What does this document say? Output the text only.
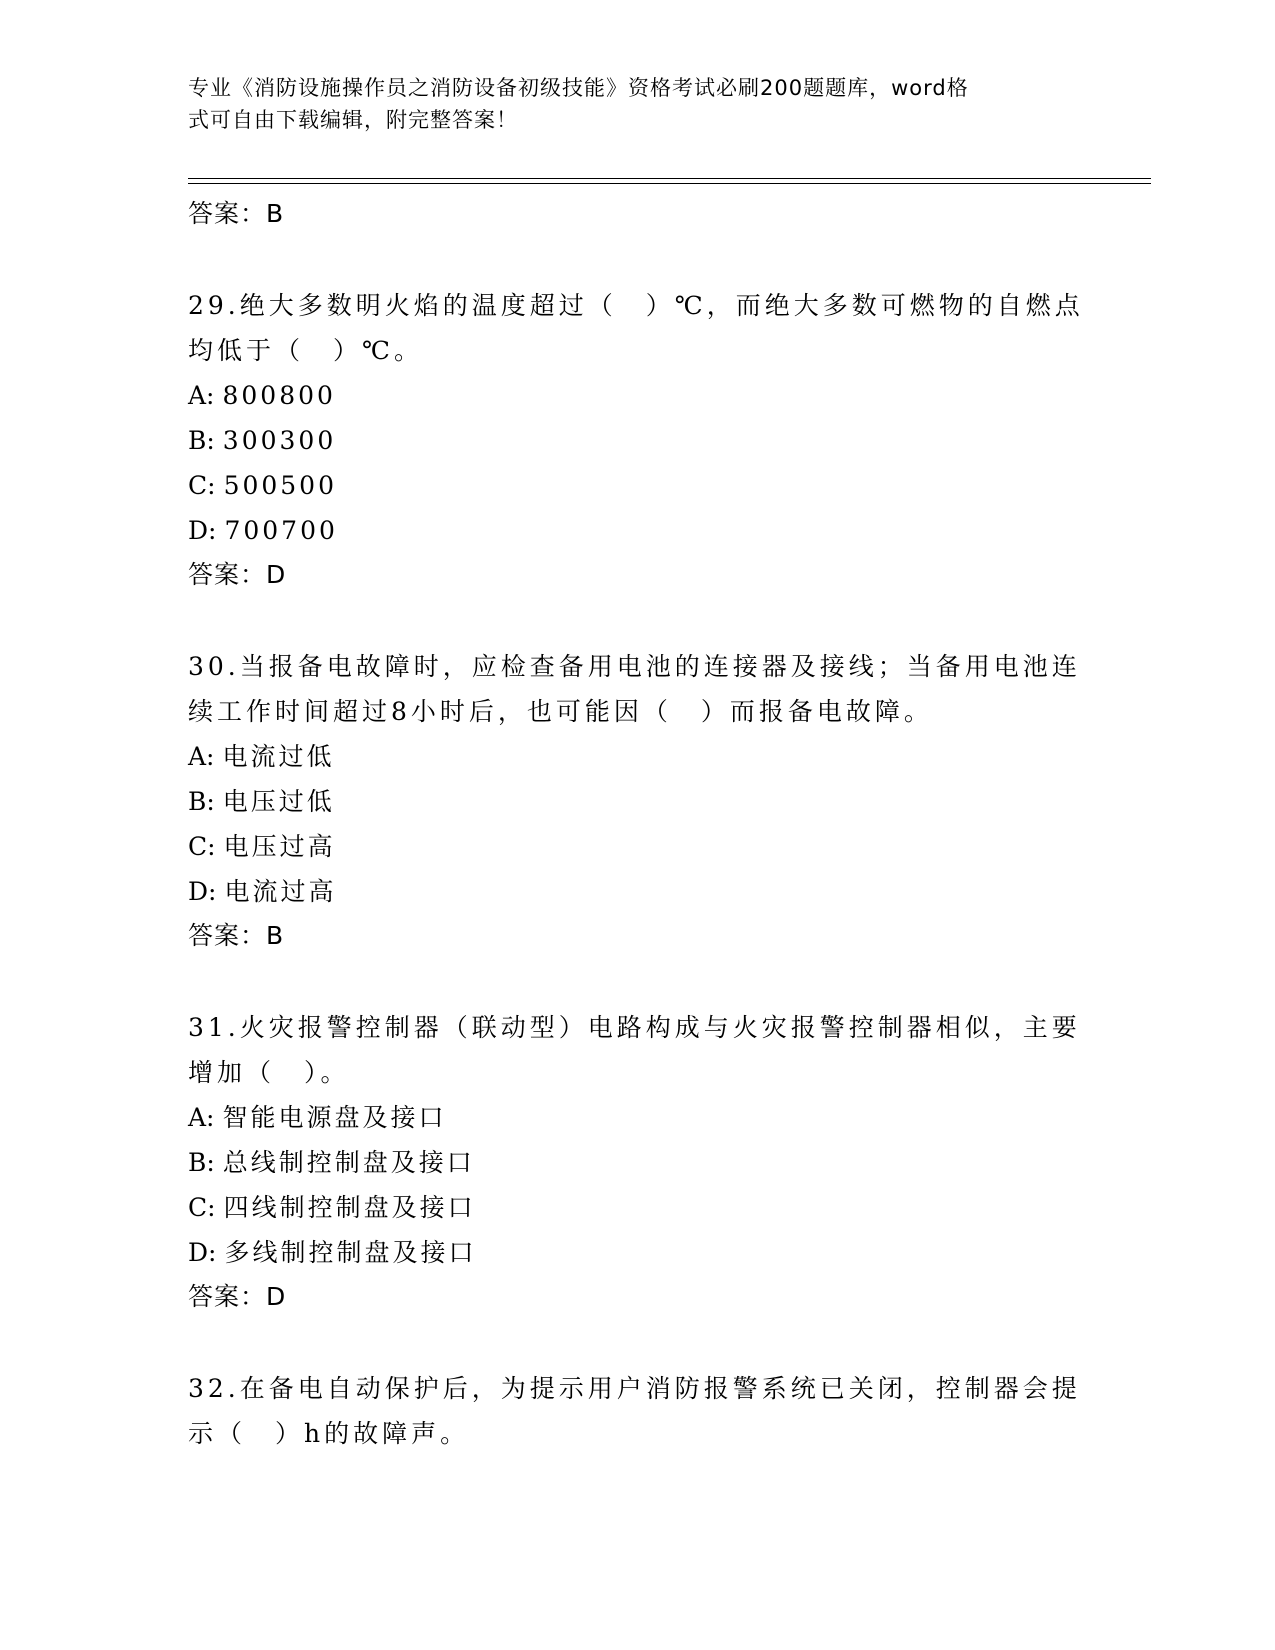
专业《消防设施操作员之消防设备初级技能》资格考试必刷200题题库，word格
式可自由下载编辑，附完整答案！
答案：B
29.绝大多数明火焰的温度超过（　）℃，而绝大多数可燃物的自燃点
均低于（　）℃。
A: 800800
B: 300300
C: 500500
D: 700700
答案：D
30.当报备电故障时，应检查备用电池的连接器及接线；当备用电池连
续工作时间超过8小时后，也可能因（　）而报备电故障。
A: 电流过低
B: 电压过低
C: 电压过高
D: 电流过高
答案：B
31.火灾报警控制器（联动型）电路构成与火灾报警控制器相似，主要
增加（　）。
A: 智能电源盘及接口
B: 总线制控制盘及接口
C: 四线制控制盘及接口
D: 多线制控制盘及接口
答案：D
32.在备电自动保护后，为提示用户消防报警系统已关闭，控制器会提
示（　）h的故障声。
